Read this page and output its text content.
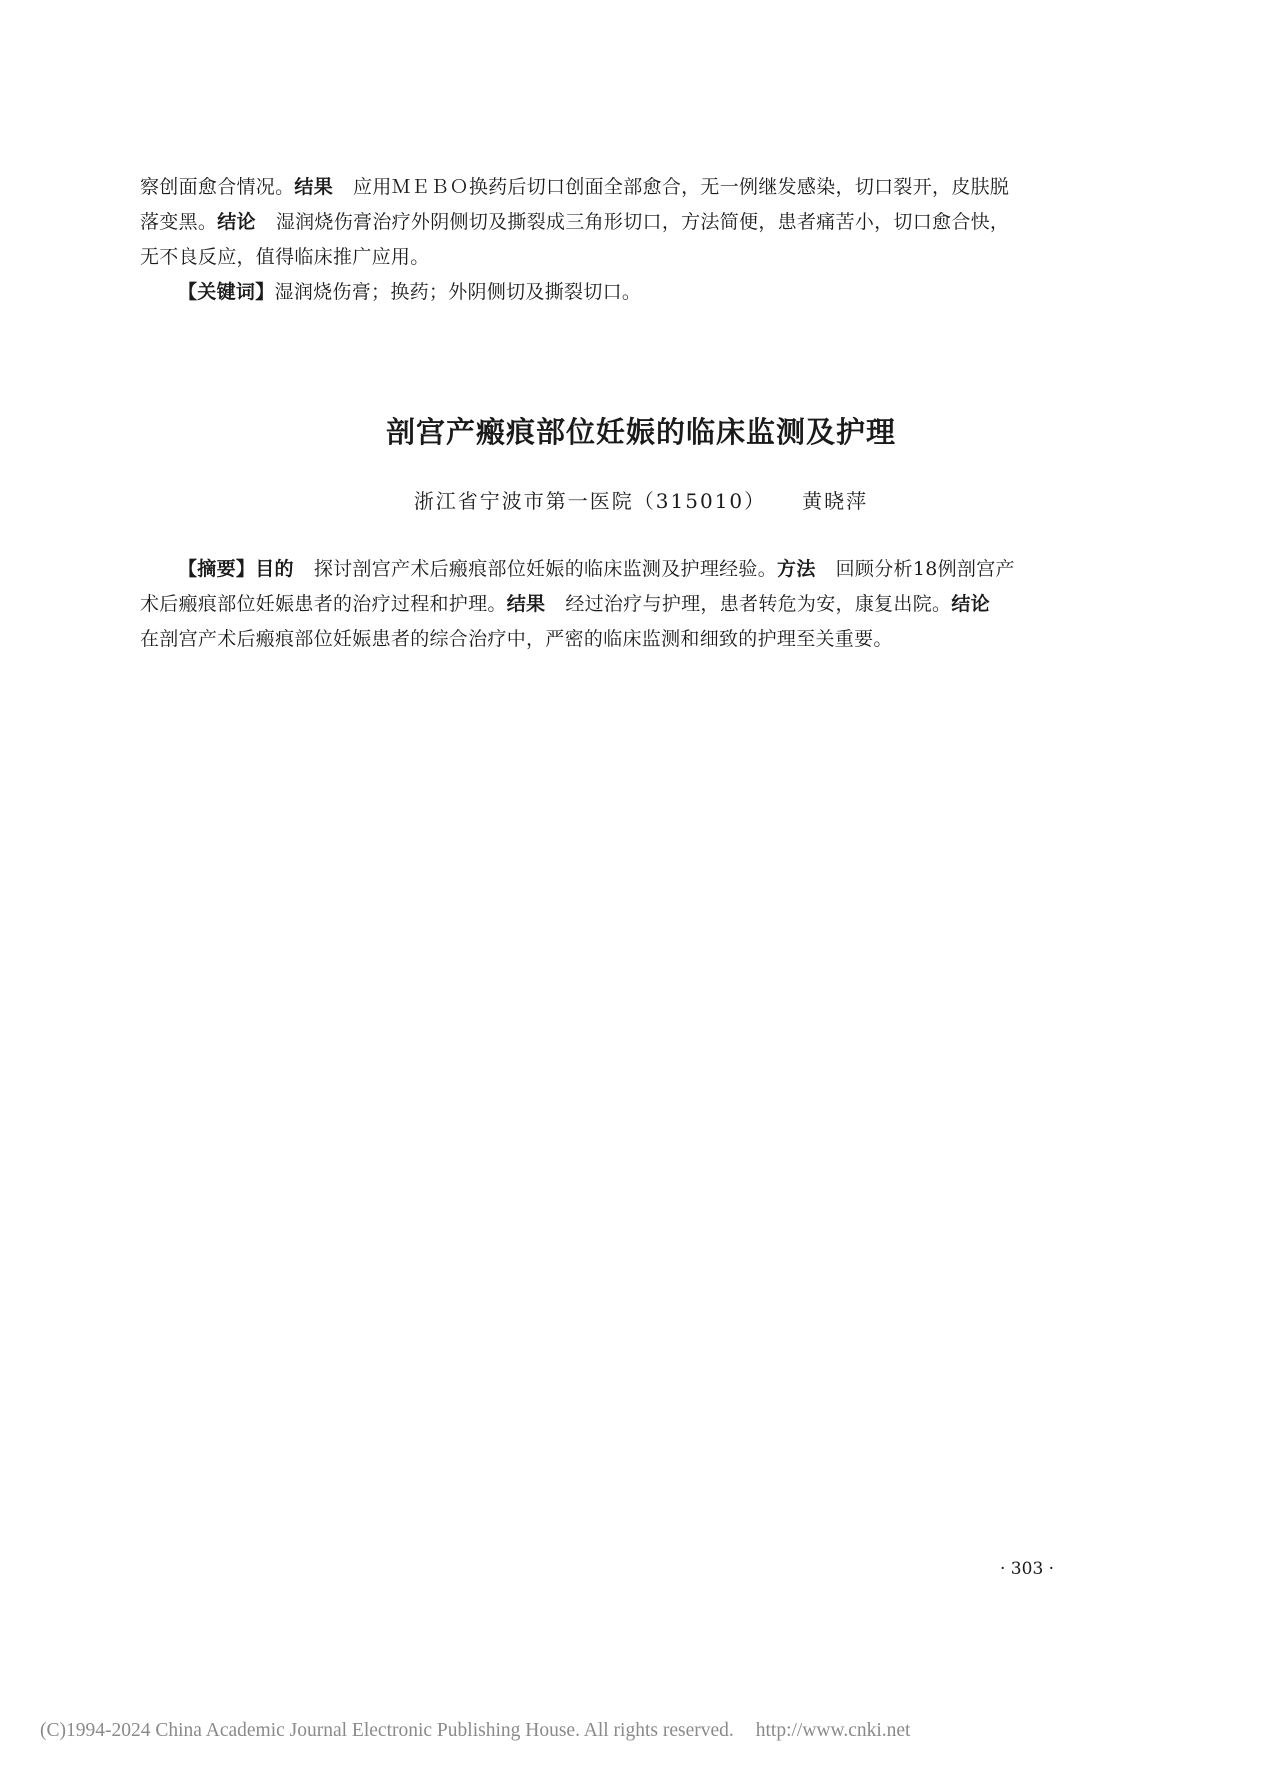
察创面愈合情况。结果 应用ＭＥＢＯ换药后切口创面全部愈合，无一例继发感染，切口裂开，皮肤脱
落变黑。结论 湿润烧伤膏治疗外阴侧切及撕裂成三角形切口，方法简便，患者痛苦小，切口愈合快，
无不良反应，值得临床推广应用。
【关键词】湿润烧伤膏；换药；外阴侧切及撕裂切口。
剖宫产瘢痕部位妊娠的临床监测及护理
浙江省宁波市第一医院（315010） 黄晓萍
【摘要】目的 探讨剖宫产术后瘢痕部位妊娠的临床监测及护理经验。方法 回顾分析18例剖宫产
术后瘢痕部位妊娠患者的治疗过程和护理。结果 经过治疗与护理，患者转危为安，康复出院。结论
在剖宫产术后瘢痕部位妊娠患者的综合治疗中，严密的临床监测和细致的护理至关重要。
· 303 ·
(C)1994-2024 China Academic Journal Electronic Publishing House. All rights reserved. http://www.cnki.net
